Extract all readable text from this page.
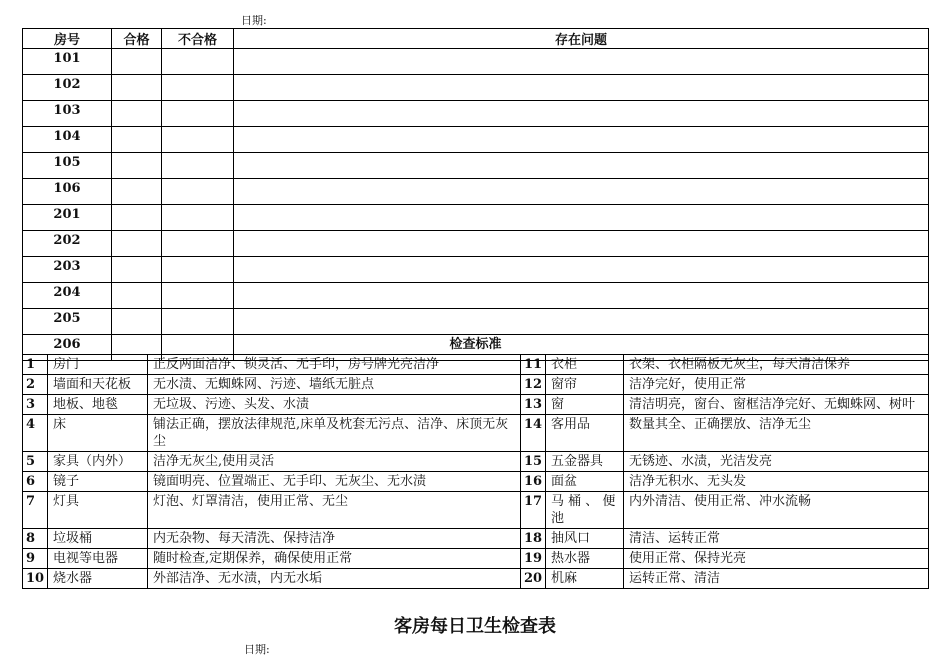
日期:
房号	合格	不合格	存在问题
101			
102			
103			
104			
105			
106			
201			
202			
203			
204			
205			
206				检查标准					
1	房门	正反两面洁净、锁灵活、无手印，房号牌光亮洁净	11	衣柜	衣架、衣柜隔板无灰尘，每天清洁保养
2	墙面和天花板	无水渍、无蜘蛛网、污迹、墙纸无脏点	12	窗帘	洁净完好，使用正常
3	地板、地毯	无垃圾、污迹、头发、水渍	13	窗	清洁明亮，窗台、窗框洁净完好、无蜘蛛网、树叶
4	床	铺法正确，摆放法律规范,床单及枕套无污点、洁净、床顶无灰尘	14	客用品	数量其全、正确摆放、洁净无尘
5	家具（内外）	洁净无灰尘,使用灵活	15	五金器具	无锈迹、水渍，光洁发亮
6	镜子	镜面明亮、位置端正、无手印、无灰尘、无水渍	16	面盆	洁净无积水、无头发
7	灯具	灯泡、灯罩清洁，使用正常、无尘	17	马 桶 、 便池	内外清洁、使用正常、冲水流畅
8	垃圾桶	内无杂物、每天清洗、保持洁净	18	抽风口	清洁、运转正常
9	电视等电器	随时检查,定期保养，确保使用正常	19	热水器	使用正常、保持光亮
10	烧水器	外部洁净、无水渍，内无水垢	20	机麻	运转正常、清洁
客房每日卫生检查表
日期:
